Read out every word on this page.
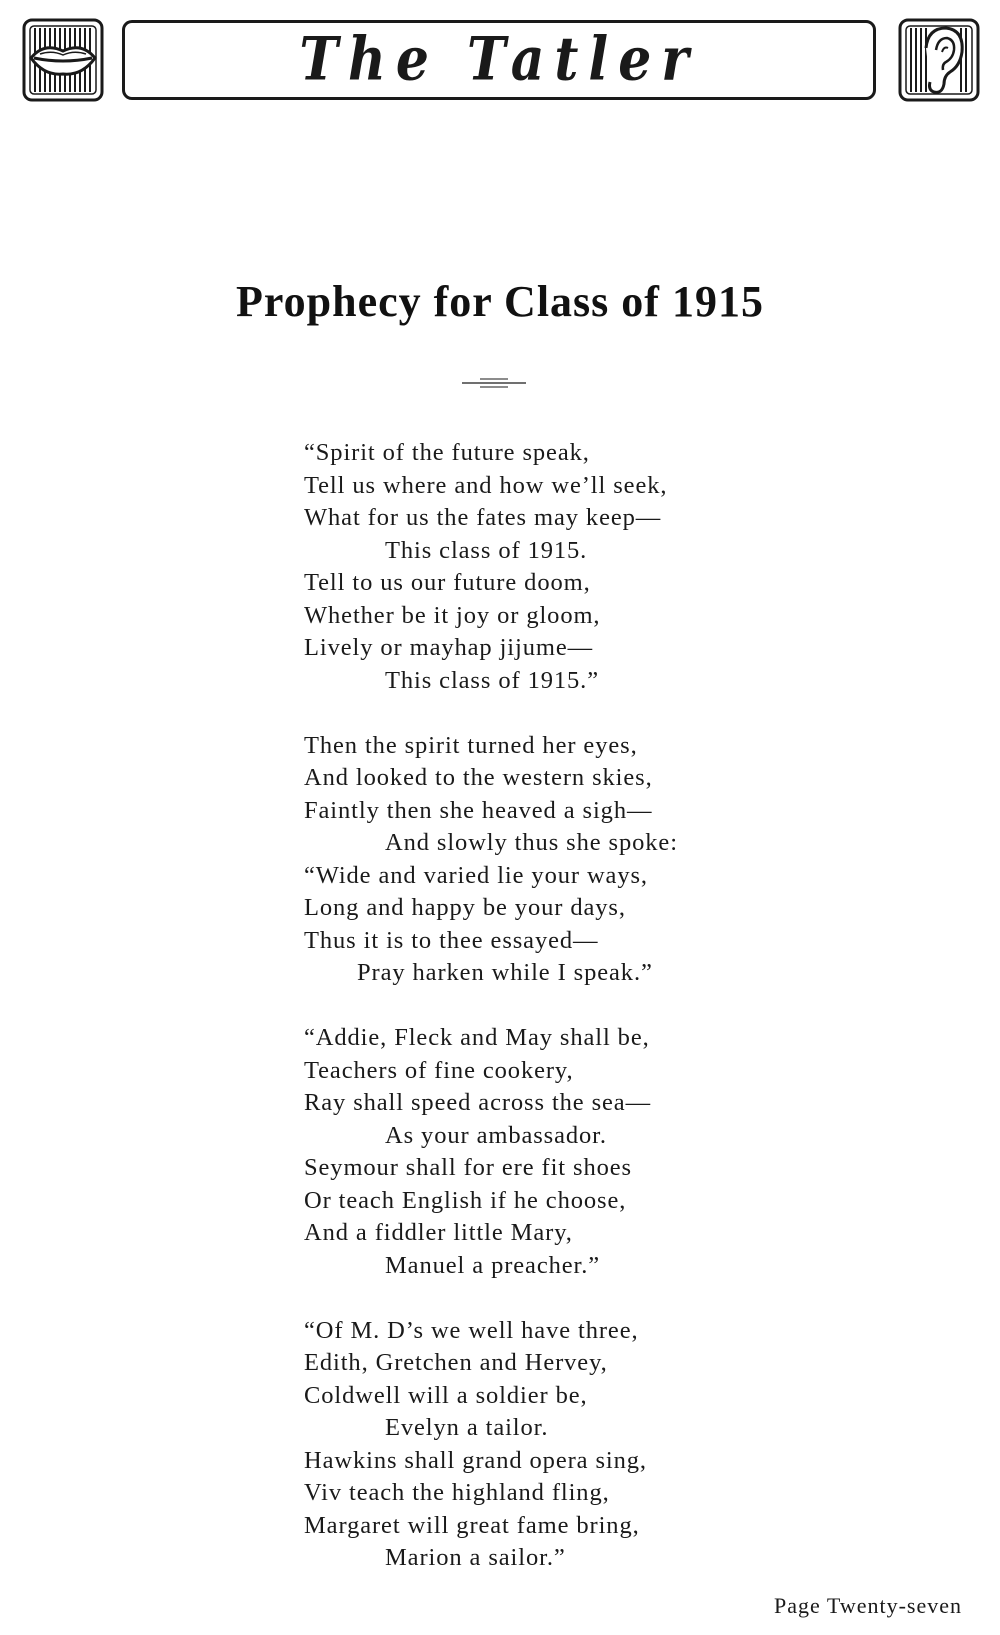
The Tatler
Prophecy for Class of 1915
“Spirit of the future speak,
Tell us where and how we’ll seek,
What for us the fates may keep—
This class of 1915.
Tell to us our future doom,
Whether be it joy or gloom,
Lively or mayhap jijume—
This class of 1915.”
Then the spirit turned her eyes,
And looked to the western skies,
Faintly then she heaved a sigh—
And slowly thus she spoke:
“Wide and varied lie your ways,
Long and happy be your days,
Thus it is to thee essayed—
Pray harken while I speak.”
“Addie, Fleck and May shall be,
Teachers of fine cookery,
Ray shall speed across the sea—
As your ambassador.
Seymour shall for ere fit shoes
Or teach English if he choose,
And a fiddler little Mary,
Manuel a preacher.”
“Of M. D’s we well have three,
Edith, Gretchen and Hervey,
Coldwell will a soldier be,
Evelyn a tailor.
Hawkins shall grand opera sing,
Viv teach the highland fling,
Margaret will great fame bring,
Marion a sailor.”
Page Twenty-seven
